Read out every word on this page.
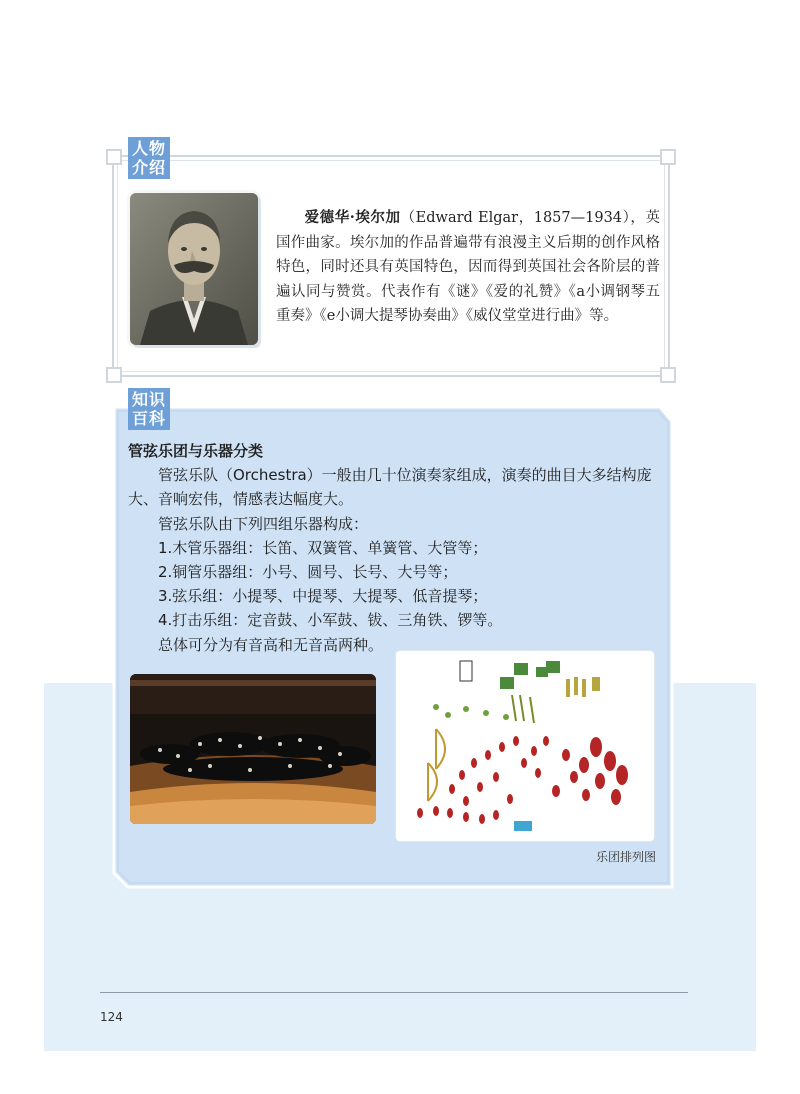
人物
介绍
爱德华·埃尔加（Edward Elgar，1857—1934），英国作曲家。埃尔加的作品普遍带有浪漫主义后期的创作风格特色，同时还具有英国特色，因而得到英国社会各阶层的普遍认同与赞赏。代表作有《谜》《爱的礼赞》《a小调钢琴五重奏》《e小调大提琴协奏曲》《威仪堂堂进行曲》等。
知识
百科
管弦乐团与乐器分类
管弦乐队（Orchestra）一般由几十位演奏家组成，演奏的曲目大多结构庞大、音响宏伟，情感表达幅度大。
管弦乐队由下列四组乐器构成：
1.木管乐器组：长笛、双簧管、单簧管、大管等；
2.铜管乐器组：小号、圆号、长号、大号等；
3.弦乐组：小提琴、中提琴、大提琴、低音提琴；
4.打击乐组：定音鼓、小军鼓、钹、三角铁、锣等。
总体可分为有音高和无音高两种。
乐团排列图
124
